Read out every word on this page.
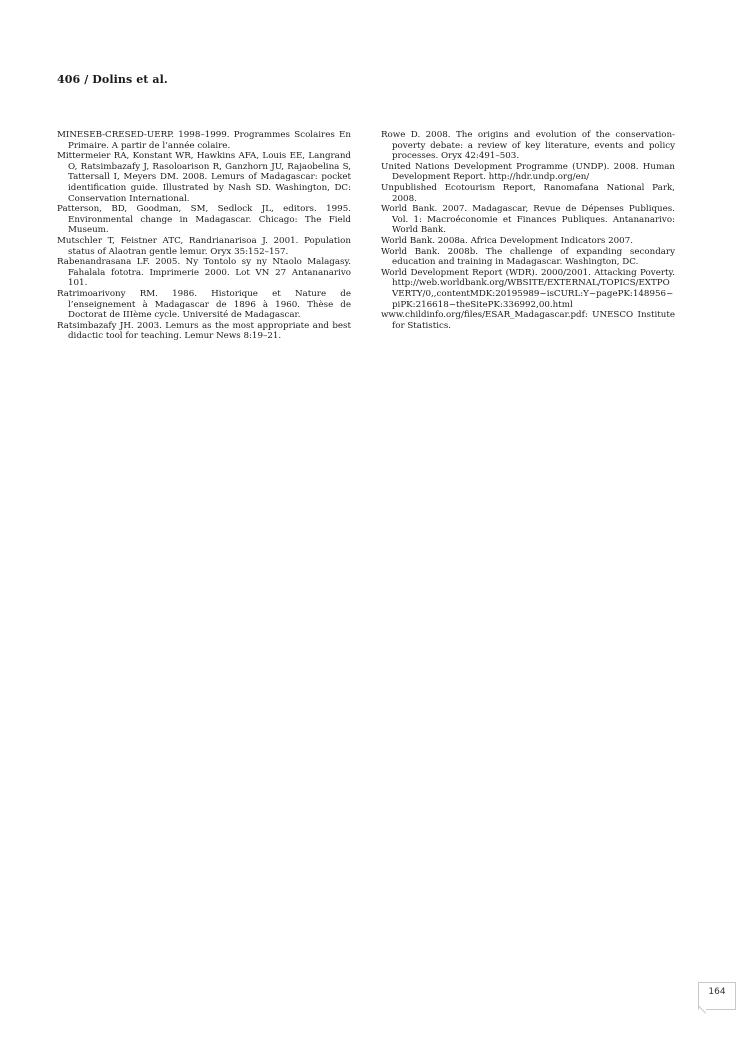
406 / Dolins et al.

MINESEB-CRESED-UERP. 1998–1999. Programmes Scolaires En Primaire. A partir de l’année colaire.

Mittermeier RA, Konstant WR, Hawkins AFA, Louis EE, Langrand O, Ratsimbazafy J, Rasoloarison R, Ganzhorn JU, Rajaobelina S, Tattersall I, Meyers DM. 2008. Lemurs of Madagascar: pocket identification guide. Illustrated by Nash SD. Washington, DC: Conservation International.

Patterson, BD, Goodman, SM, Sedlock JL, editors. 1995. Environmental change in Madagascar. Chicago: The Field Museum.

Mutschler T, Feistner ATC, Randrianarisoa J. 2001. Population status of Alaotran gentle lemur. Oryx 35:152–157.

Rabenandrasana LF. 2005. Ny Tontolo sy ny Ntaolo Malagasy. Fahalala fototra. Imprimerie 2000. Lot VN 27 Antananarivo 101.

Ratrimoarivony RM. 1986. Historique et Nature de l’enseignement à Madagascar de 1896 à 1960. Thèse de Doctorat de IIIème cycle. Université de Madagascar.

Ratsimbazafy JH. 2003. Lemurs as the most appropriate and best didactic tool for teaching. Lemur News 8:19–21.

Rowe D. 2008. The origins and evolution of the conservation-poverty debate: a review of key literature, events and policy processes. Oryx 42:491–503.

United Nations Development Programme (UNDP). 2008. Human Development Report. http://hdr.undp.org/en/

Unpublished Ecotourism Report, Ranomafana National Park, 2008.

World Bank. 2007. Madagascar, Revue de Dépenses Publiques. Vol. 1: Macroéconomie et Finances Publiques. Antananarivo: World Bank.

World Bank. 2008a. Africa Development Indicators 2007.

World Bank. 2008b. The challenge of expanding secondary education and training in Madagascar. Washington, DC.

World Development Report (WDR). 2000/2001. Attacking Poverty. http://web.worldbank.org/WBSITE/EXTERNAL/TOPICS/EXTPOVERTY/0,,contentMDK:20195989~isCURL:Y~pagePK:148956~piPK:216618~theSitePK:336992,00.html

www.childinfo.org/files/ESAR_Madagascar.pdf: UNESCO Institute for Statistics.

164
